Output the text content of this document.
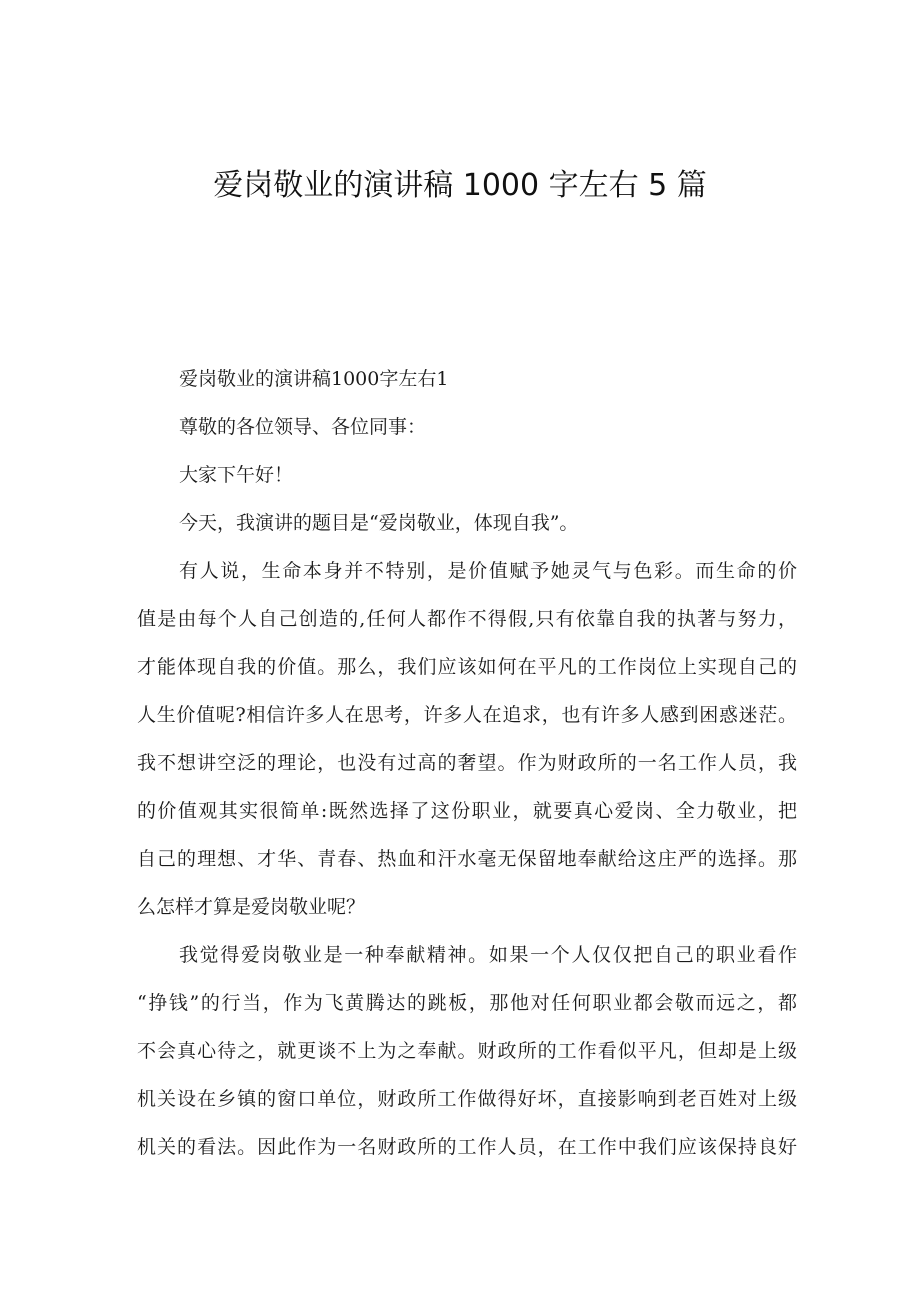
爱岗敬业的演讲稿 1000 字左右 5 篇
爱岗敬业的演讲稿1000字左右1
尊敬的各位领导、各位同事：
大家下午好！
今天，我演讲的题目是“爱岗敬业，体现自我”。
有人说，生命本身并不特别，是价值赋予她灵气与色彩。而生命的价
值是由每个人自己创造的,任何人都作不得假,只有依靠自我的执著与努力，
才能体现自我的价值。那么，我们应该如何在平凡的工作岗位上实现自己的
人生价值呢?相信许多人在思考，许多人在追求，也有许多人感到困惑迷茫。
我不想讲空泛的理论，也没有过高的奢望。作为财政所的一名工作人员，我
的价值观其实很简单:既然选择了这份职业，就要真心爱岗、全力敬业，把
自己的理想、才华、青春、热血和汗水毫无保留地奉献给这庄严的选择。那
么怎样才算是爱岗敬业呢？
我觉得爱岗敬业是一种奉献精神。如果一个人仅仅把自己的职业看作
“挣钱”的行当，作为飞黄腾达的跳板，那他对任何职业都会敬而远之，都
不会真心待之，就更谈不上为之奉献。财政所的工作看似平凡，但却是上级
机关设在乡镇的窗口单位，财政所工作做得好坏，直接影响到老百姓对上级
机关的看法。因此作为一名财政所的工作人员，在工作中我们应该保持良好
